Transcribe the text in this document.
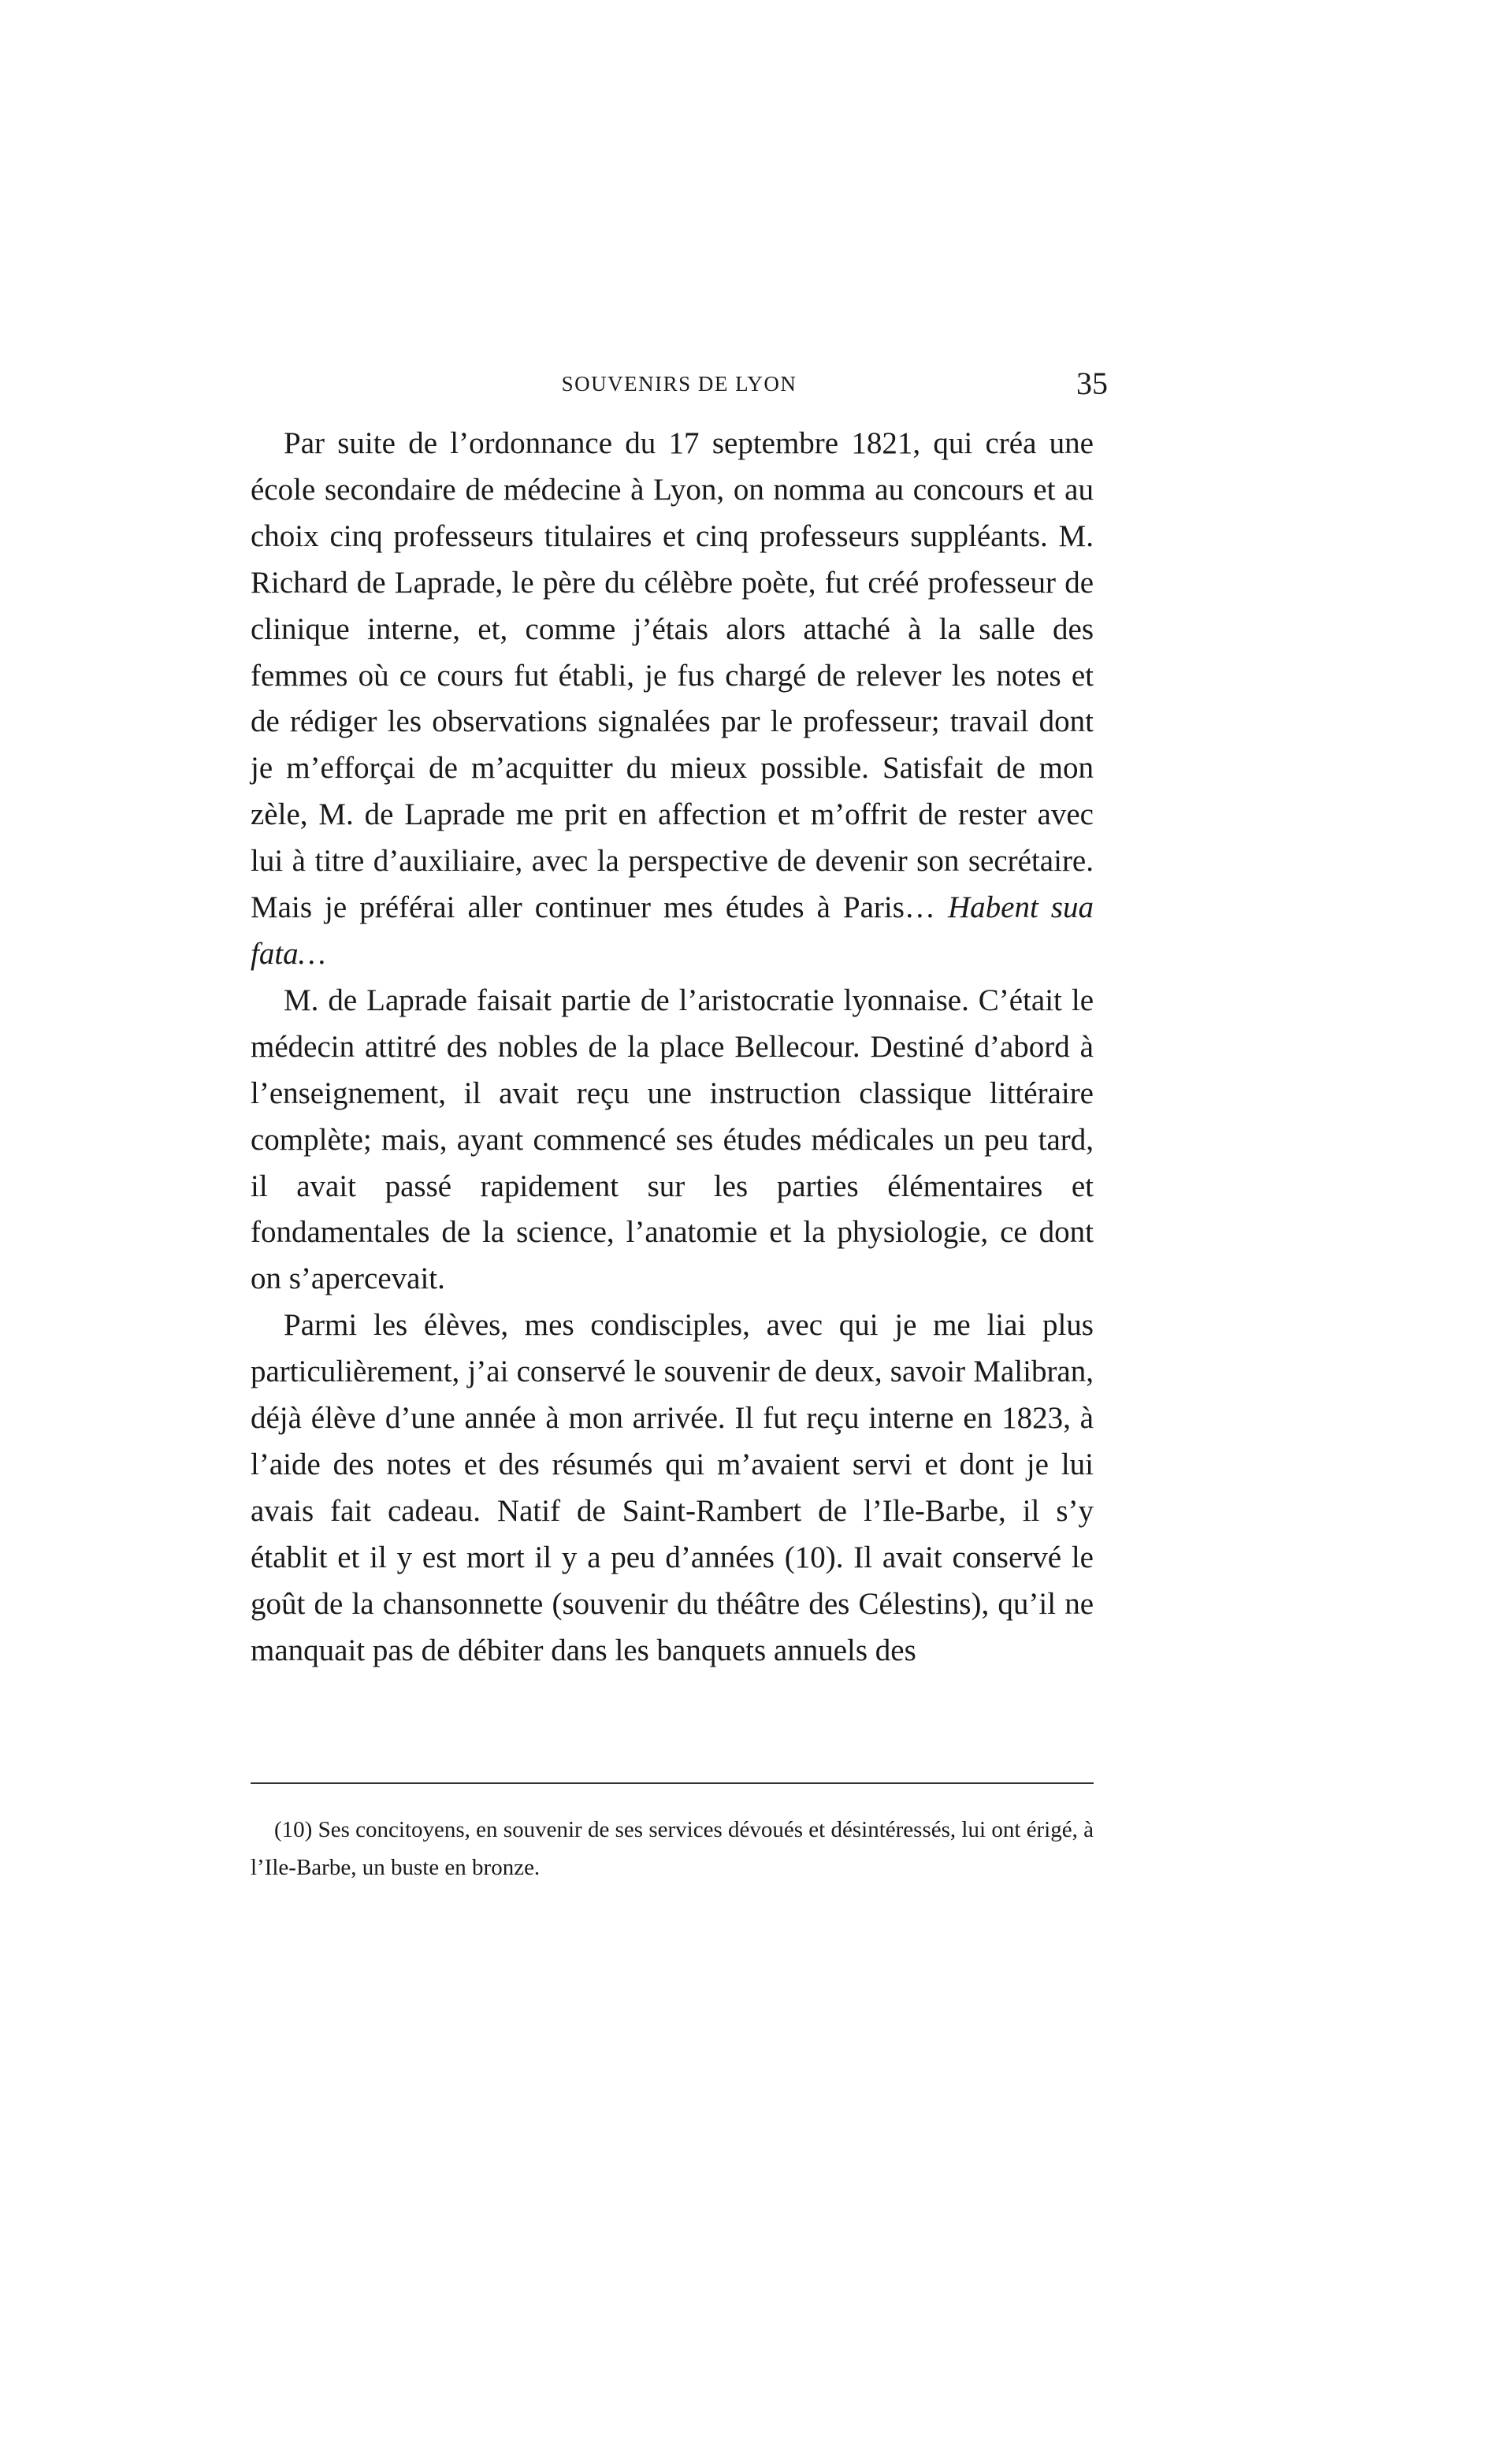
SOUVENIRS DE LYON	35

Par suite de l’ordonnance du 17 septembre 1821, qui créa une école secondaire de médecine à Lyon, on nomma au concours et au choix cinq professeurs titulaires et cinq professeurs suppléants. M. Richard de Laprade, le père du célèbre poète, fut créé professeur de clinique interne, et, comme j’étais alors attaché à la salle des femmes où ce cours fut établi, je fus chargé de relever les notes et de rédiger les observations signalées par le professeur; travail dont je m’efforçai de m’acquitter du mieux possible. Satisfait de mon zèle, M. de Laprade me prit en affection et m’offrit de rester avec lui à titre d’auxiliaire, avec la perspective de devenir son secrétaire. Mais je préférai aller continuer mes études à Paris… Habent sua fata…

M. de Laprade faisait partie de l’aristocratie lyonnaise. C’était le médecin attitré des nobles de la place Bellecour. Destiné d’abord à l’enseignement, il avait reçu une instruction classique littéraire complète; mais, ayant commencé ses études médicales un peu tard, il avait passé rapidement sur les parties élémentaires et fondamentales de la science, l’anatomie et la physiologie, ce dont on s’apercevait.

Parmi les élèves, mes condisciples, avec qui je me liai plus particulièrement, j’ai conservé le souvenir de deux, savoir Malibran, déjà élève d’une année à mon arrivée. Il fut reçu interne en 1823, à l’aide des notes et des résumés qui m’avaient servi et dont je lui avais fait cadeau. Natif de Saint-Rambert de l’Ile-Barbe, il s’y établit et il y est mort il y a peu d’années (10). Il avait conservé le goût de la chansonnette (souvenir du théâtre des Célestins), qu’il ne manquait pas de débiter dans les banquets annuels des

(10) Ses concitoyens, en souvenir de ses services dévoués et désintéressés, lui ont érigé, à l’Ile-Barbe, un buste en bronze.
